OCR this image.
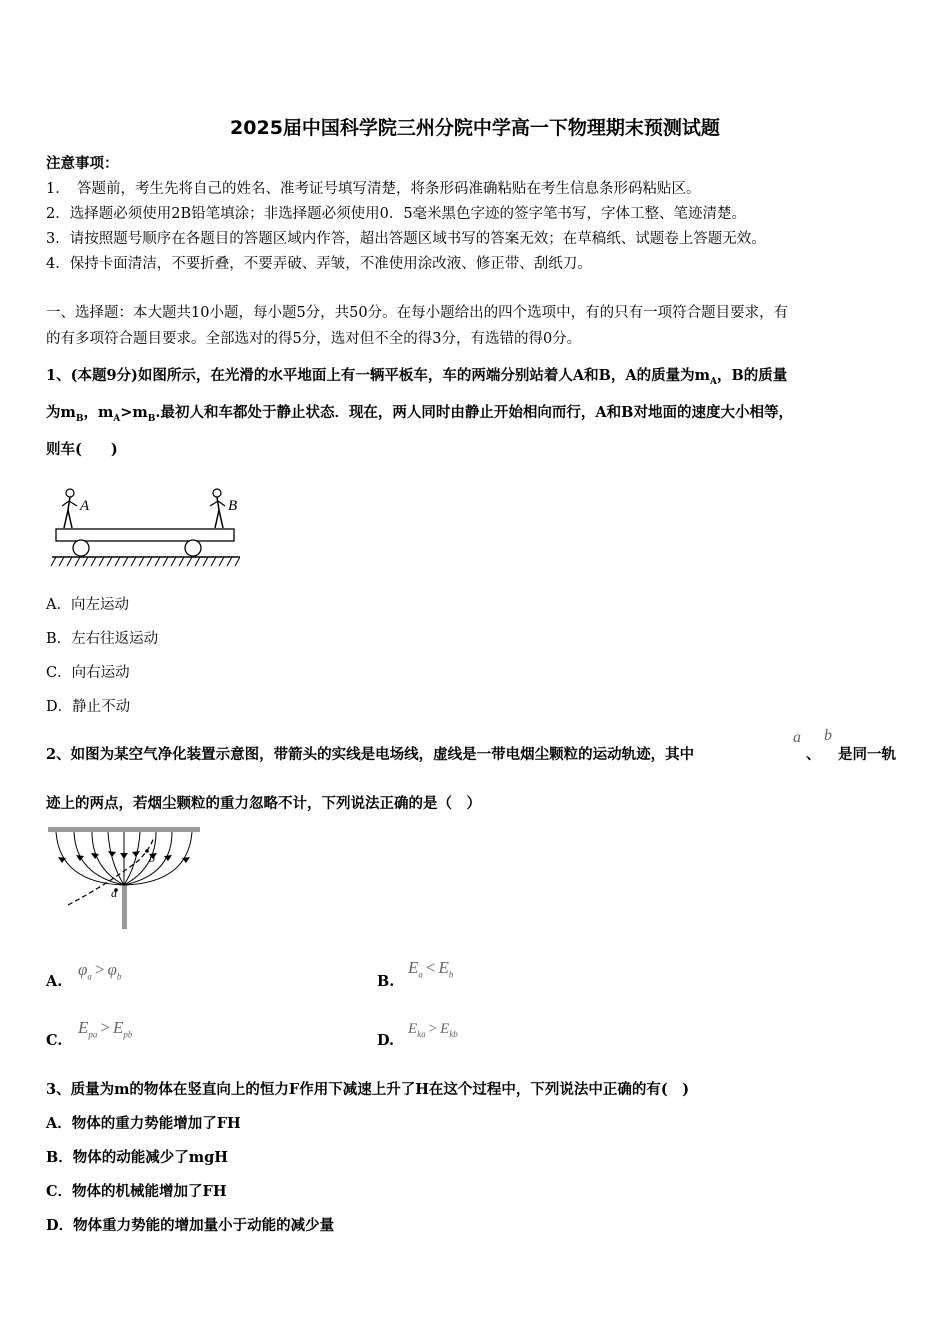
2025届中国科学院三州分院中学高一下物理期末预测试题
注意事项：
1．　答题前，考生先将自己的姓名、准考证号填写清楚，将条形码准确粘贴在考生信息条形码粘贴区。
2．选择题必须使用2B铅笔填涂；非选择题必须使用0．5毫米黑色字迹的签字笔书写，字体工整、笔迹清楚。
3．请按照题号顺序在各题目的答题区域内作答，超出答题区域书写的答案无效；在草稿纸、试题卷上答题无效。
4．保持卡面清洁，不要折叠，不要弄破、弄皱，不准使用涂改液、修正带、刮纸刀。
一、选择题：本大题共10小题，每小题5分，共50分。在每小题给出的四个选项中，有的只有一项符合题目要求，有
的有多项符合题目要求。全部选对的得5分，选对但不全的得3分，有选错的得0分。
1、(本题9分)如图所示，在光滑的水平地面上有一辆平板车，车的两端分别站着人A和B，A的质量为$m_A$，B的质量
为$m_B$，$m_A>m_B$.最初人和车都处于静止状态．现在，两人同时由静止开始相向而行，A和B对地面的速度大小相等，
则车(　　)
A	B
A．向左运动
B．左右往返运动
C．向右运动
D．静止不动
2、如图为某空气净化装置示意图，带箭头的实线是电场线，虚线是一带电烟尘颗粒的运动轨迹，其中
a
、
b
是同一轨
迹上的两点，若烟尘颗粒的重力忽略不计，下列说法正确的是（　）
a
b
A.
$\varphi_a > \varphi_b$	B.
$E_a < E_b$
C.
$E_{pa} > E_{pb}$	D.
$E_{ka} > E_{kb}$
3、质量为m的物体在竖直向上的恒力F作用下减速上升了H在这个过程中，下列说法中正确的有(　)
A．物体的重力势能增加了FH
B．物体的动能减少了mgH
C．物体的机械能增加了FH
D．物体重力势能的增加量小于动能的减少量
